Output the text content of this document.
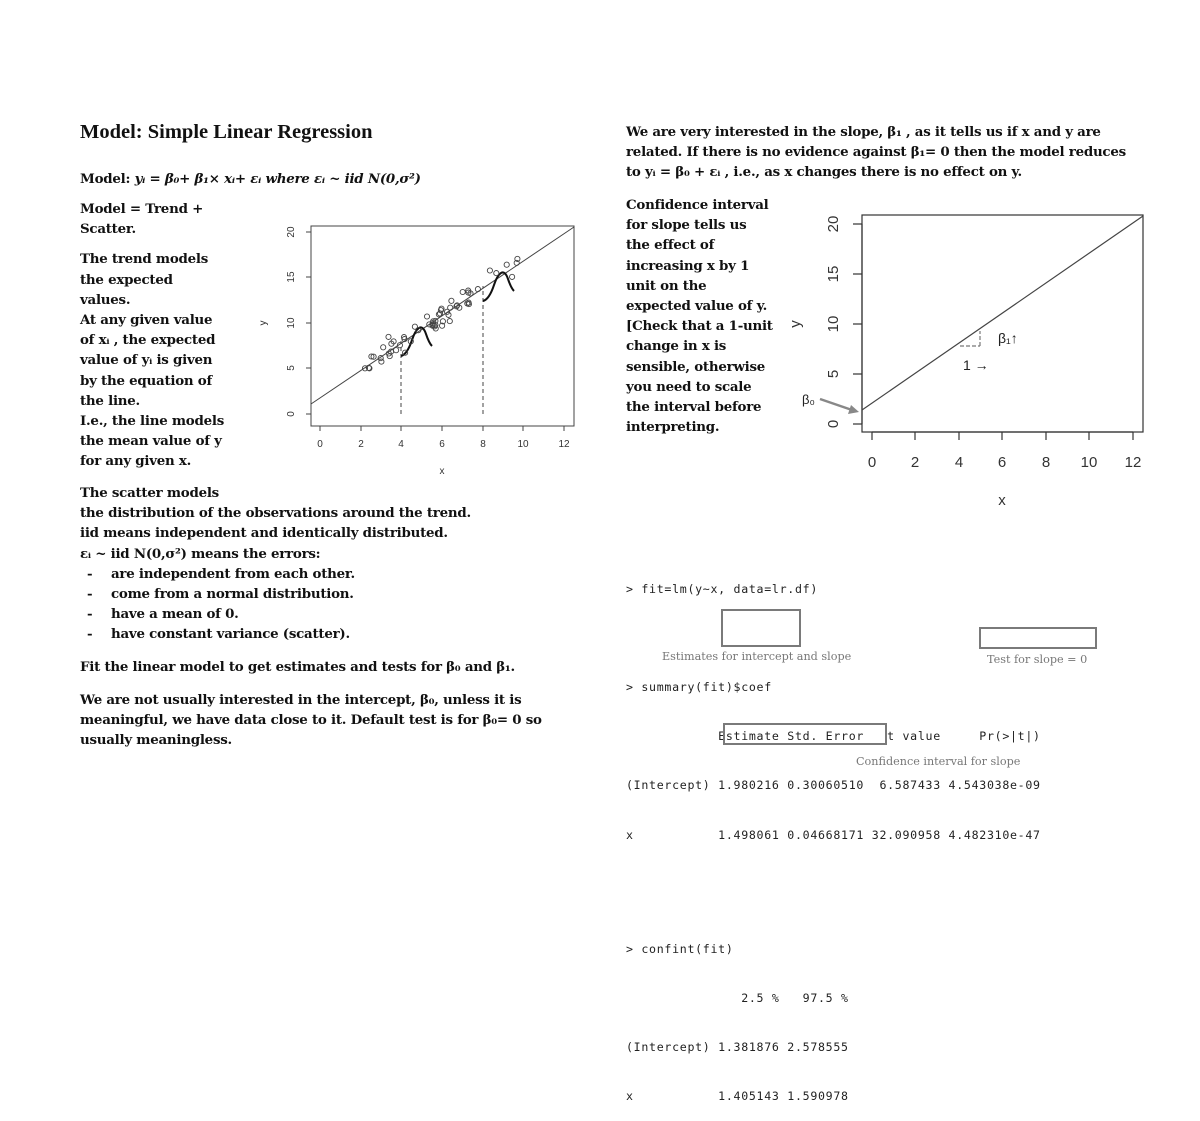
Model: Simple Linear Regression
Model: yᵢ = β₀+ β₁× xᵢ+ εᵢ where εᵢ ~ iid N(0,σ²)
Model = Trend +
Scatter.
The trend models
the expected
values.
At any given value
of xᵢ , the expected
value of yᵢ is given
by the equation of
the line.
I.e., the line models
the mean value of y
for any given x.
The scatter models
the distribution of the observations around the trend.
iid means independent and identically distributed.
εᵢ ~ iid N(0,σ²) means the errors:
- are independent from each other.
- come from a normal distribution.
- have a mean of 0.
- have constant variance (scatter).
Fit the linear model to get estimates and tests for β₀ and β₁.
We are not usually interested in the intercept, β₀, unless it is
meaningful, we have data close to it. Default test is for β₀= 0 so
usually meaningless.
0	2	4	6	8	10	12
x
0
5
10
15
20
y
We are very interested in the slope, β₁ , as it tells us if x and y are
related. If there is no evidence against β₁= 0 then the model reduces
to yᵢ = β₀ + εᵢ , i.e., as x changes there is no effect on y.
Confidence interval
for slope tells us
the effect of
increasing x by 1
unit on the
expected value of y.
[Check that a 1-unit
change in x is
sensible, otherwise
you need to scale
the interval before
interpreting.
0 2 4 6 8 10 12
x
0
5
10
15
20
y
β₁↑
1 →
β₀

> fit=lm(y~x, data=lr.df)

> summary(fit)$coef

Estimate Std. Error   t value     Pr(>|t|)

(Intercept) 1.980216 0.30060510  6.587433 4.543038e-09

x           1.498061 0.04668171 32.090958 4.482310e-47

> confint(fit)

2.5 %   97.5 %

(Intercept) 1.381876 2.578555

x           1.405143 1.590978

Estimates for intercept and slope	Test for slope = 0
Confidence interval for slope
